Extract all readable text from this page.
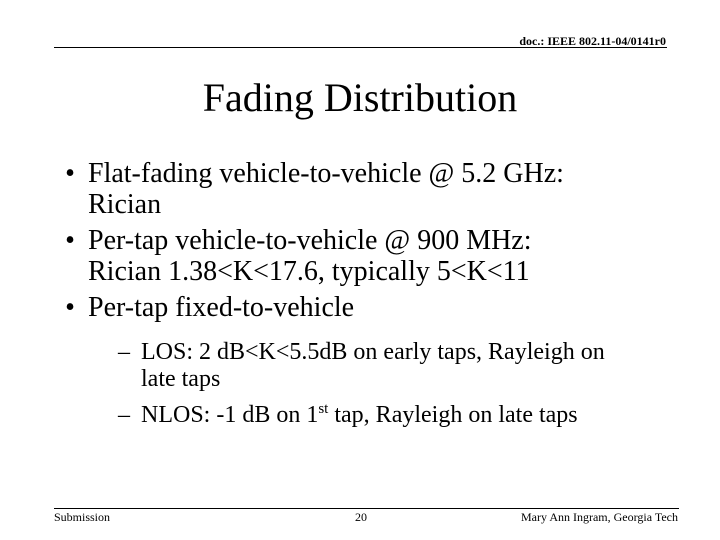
doc.: IEEE 802.11-04/0141r0
Fading Distribution
• Flat-fading vehicle-to-vehicle @ 5.2 GHz:
Rician
• Per-tap vehicle-to-vehicle @ 900 MHz:
Rician 1.38<K<17.6, typically 5<K<11
• Per-tap fixed-to-vehicle
– LOS: 2 dB<K<5.5dB on early taps, Rayleigh on
late taps
– NLOS: -1 dB on 1st tap, Rayleigh on late taps
Submission	20	Mary Ann Ingram, Georgia Tech
